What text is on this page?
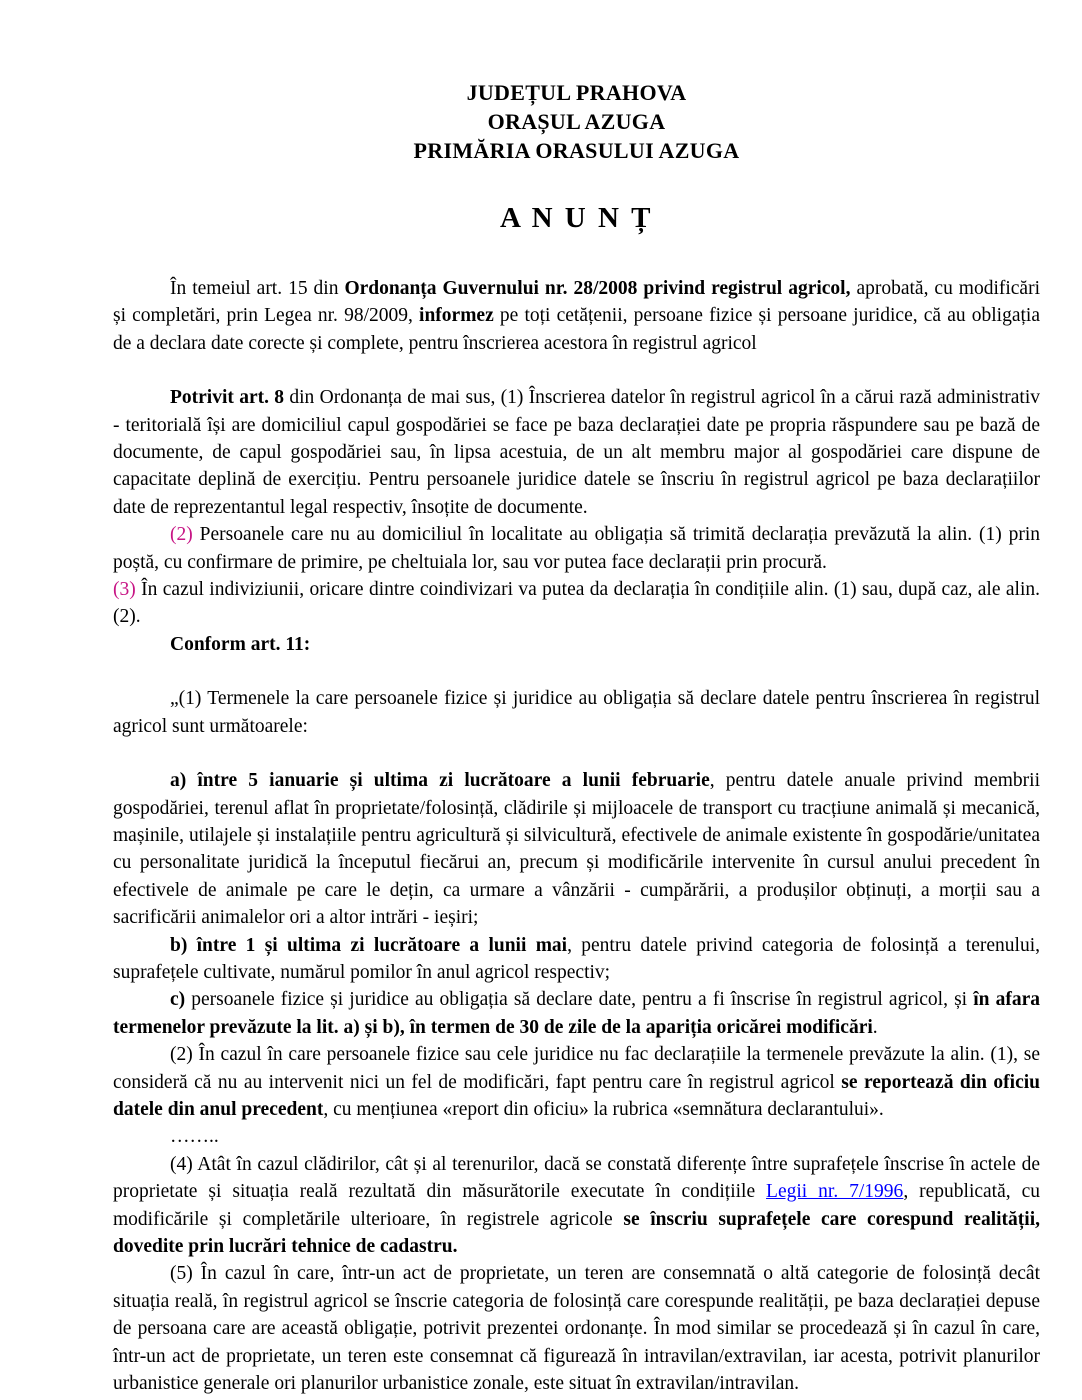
JUDEȚUL PRAHOVA
ORAȘUL AZUGA
PRIMĂRIA ORASULUI AZUGA
A N U N Ț

În temeiul art. 15 din Ordonanța Guvernului nr. 28/2008 privind registrul agricol, aprobată, cu modificări și completări, prin Legea nr. 98/2009, informez pe toți cetățenii, persoane fizice și persoane juridice, că au obligația de a declara date corecte și complete, pentru înscrierea acestora în registrul agricol

Potrivit art. 8 din Ordonanța de mai sus, (1) Înscrierea datelor în registrul agricol în a cărui rază administrativ - teritorială își are domiciliul capul gospodăriei se face pe baza declarației date pe propria răspundere sau pe bază de documente, de capul gospodăriei sau, în lipsa acestuia, de un alt membru major al gospodăriei care dispune de capacitate deplină de exercițiu. Pentru persoanele juridice datele se înscriu în registrul agricol pe baza declarațiilor date de reprezentantul legal respectiv, însoțite de documente.

(2) Persoanele care nu au domiciliul în localitate au obligația să trimită declarația prevăzută la alin. (1) prin poștă, cu confirmare de primire, pe cheltuiala lor, sau vor putea face declarații prin procură.

(3) În cazul indiviziunii, oricare dintre coindivizari va putea da declarația în condițiile alin. (1) sau, după caz, ale alin. (2).

Conform art. 11:

„(1) Termenele la care persoanele fizice și juridice au obligația să declare datele pentru înscrierea în registrul agricol sunt următoarele:

a) între 5 ianuarie și ultima zi lucrătoare a lunii februarie, pentru datele anuale privind membrii gospodăriei, terenul aflat în proprietate/folosință, clădirile și mijloacele de transport cu tracțiune animală și mecanică, mașinile, utilajele și instalațiile pentru agricultură și silvicultură, efectivele de animale existente în gospodărie/unitatea cu personalitate juridică la începutul fiecărui an, precum și modificările intervenite în cursul anului precedent în efectivele de animale pe care le dețin, ca urmare a vânzării - cumpărării, a produșilor obținuți, a morții sau a sacrificării animalelor ori a altor intrări - ieșiri;

b) între 1 și ultima zi lucrătoare a lunii mai, pentru datele privind categoria de folosință a terenului, suprafețele cultivate, numărul pomilor în anul agricol respectiv;

c) persoanele fizice și juridice au obligația să declare date, pentru a fi înscrise în registrul agricol, și în afara termenelor prevăzute la lit. a) și b), în termen de 30 de zile de la apariția oricărei modificări.

(2) În cazul în care persoanele fizice sau cele juridice nu fac declarațiile la termenele prevăzute la alin. (1), se consideră că nu au intervenit nici un fel de modificări, fapt pentru care în registrul agricol se reportează din oficiu datele din anul precedent, cu mențiunea «report din oficiu» la rubrica «semnătura declarantului».

……..

(4) Atât în cazul clădirilor, cât și al terenurilor, dacă se constată diferențe între suprafețele înscrise în actele de proprietate și situația reală rezultată din măsurătorile executate în condițiile Legii nr. 7/1996, republicată, cu modificările și completările ulterioare, în registrele agricole se înscriu suprafețele care corespund realității, dovedite prin lucrări tehnice de cadastru.

(5) În cazul în care, într-un act de proprietate, un teren are consemnată o altă categorie de folosință decât situația reală, în registrul agricol se înscrie categoria de folosință care corespunde realității, pe baza declarației depuse de persoana care are această obligație, potrivit prezentei ordonanțe. În mod similar se procedează și în cazul în care, într-un act de proprietate, un teren este consemnat că figurează în intravilan/extravilan, iar acesta, potrivit planurilor urbanistice generale ori planurilor urbanistice zonale, este situat în extravilan/intravilan.
